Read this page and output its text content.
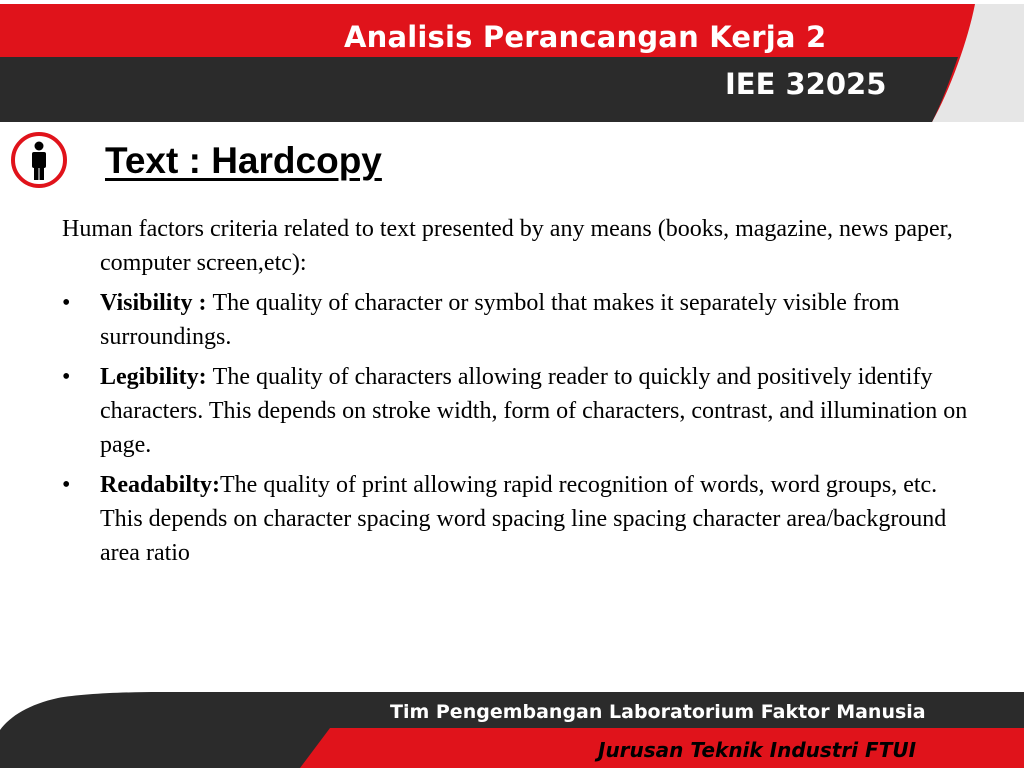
Analisis Perancangan Kerja 2
IEE 32025
Text : Hardcopy

Human factors criteria related to text presented by any means (books, magazine, news paper, computer screen,etc):

• Visibility : The quality of character or symbol that makes it separately visible from surroundings.
• Legibility: The quality of characters allowing reader to quickly and positively identify characters. This depends on stroke width, form of characters, contrast, and illumination on page.
• Readabilty:The quality of print allowing rapid recognition of words, word groups, etc. This depends on character spacing word spacing line spacing character area/background area ratio
Tim Pengembangan Laboratorium Faktor Manusia
Jurusan Teknik Industri FTUI
